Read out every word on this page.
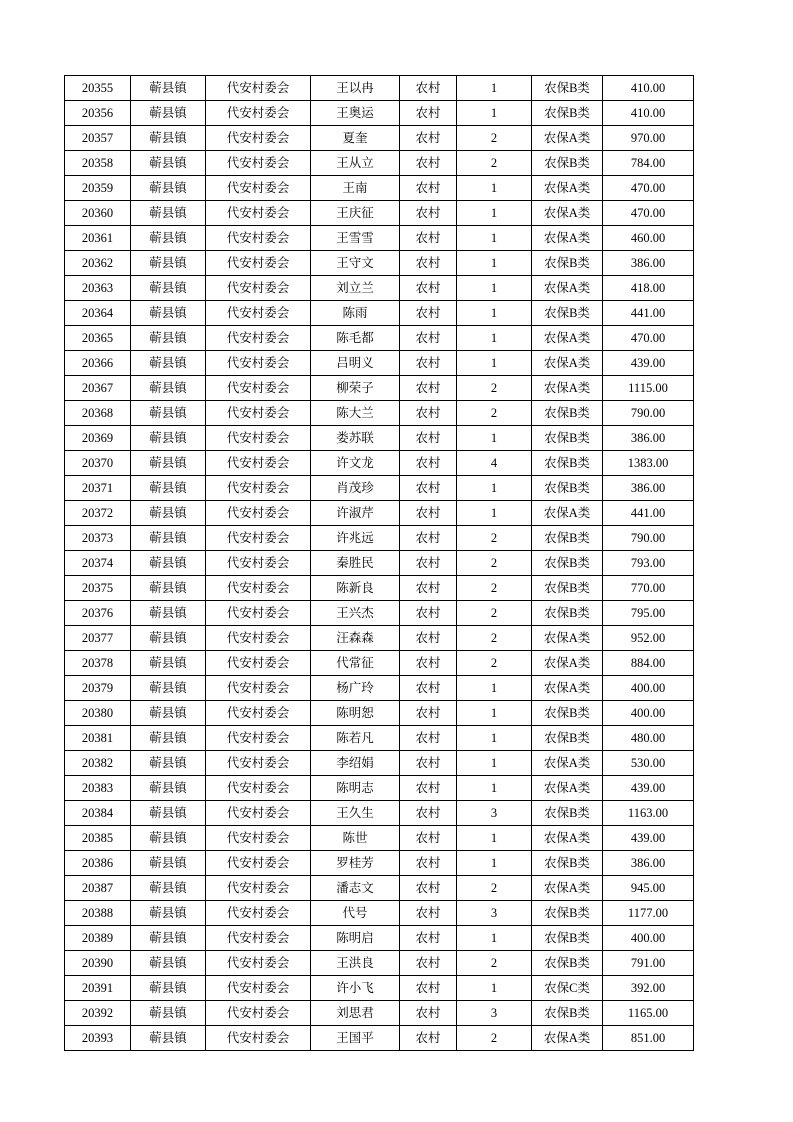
20355	蕲县镇	代安村委会	王以冉	农村	1	农保B类	410.00
20356	蕲县镇	代安村委会	王奥运	农村	1	农保B类	410.00
20357	蕲县镇	代安村委会	夏奎	农村	2	农保A类	970.00
20358	蕲县镇	代安村委会	王从立	农村	2	农保B类	784.00
20359	蕲县镇	代安村委会	王南	农村	1	农保A类	470.00
20360	蕲县镇	代安村委会	王庆征	农村	1	农保A类	470.00
20361	蕲县镇	代安村委会	王雪雪	农村	1	农保A类	460.00
20362	蕲县镇	代安村委会	王守文	农村	1	农保B类	386.00
20363	蕲县镇	代安村委会	刘立兰	农村	1	农保A类	418.00
20364	蕲县镇	代安村委会	陈雨	农村	1	农保B类	441.00
20365	蕲县镇	代安村委会	陈毛都	农村	1	农保A类	470.00
20366	蕲县镇	代安村委会	吕明义	农村	1	农保A类	439.00
20367	蕲县镇	代安村委会	柳荣子	农村	2	农保A类	1115.00
20368	蕲县镇	代安村委会	陈大兰	农村	2	农保B类	790.00
20369	蕲县镇	代安村委会	娄苏联	农村	1	农保B类	386.00
20370	蕲县镇	代安村委会	许文龙	农村	4	农保B类	1383.00
20371	蕲县镇	代安村委会	肖茂珍	农村	1	农保B类	386.00
20372	蕲县镇	代安村委会	许淑芹	农村	1	农保A类	441.00
20373	蕲县镇	代安村委会	许兆远	农村	2	农保B类	790.00
20374	蕲县镇	代安村委会	秦胜民	农村	2	农保B类	793.00
20375	蕲县镇	代安村委会	陈新良	农村	2	农保B类	770.00
20376	蕲县镇	代安村委会	王兴杰	农村	2	农保B类	795.00
20377	蕲县镇	代安村委会	汪森森	农村	2	农保A类	952.00
20378	蕲县镇	代安村委会	代常征	农村	2	农保A类	884.00
20379	蕲县镇	代安村委会	杨广玲	农村	1	农保A类	400.00
20380	蕲县镇	代安村委会	陈明恕	农村	1	农保B类	400.00
20381	蕲县镇	代安村委会	陈若凡	农村	1	农保B类	480.00
20382	蕲县镇	代安村委会	李绍娟	农村	1	农保A类	530.00
20383	蕲县镇	代安村委会	陈明志	农村	1	农保A类	439.00
20384	蕲县镇	代安村委会	王久生	农村	3	农保B类	1163.00
20385	蕲县镇	代安村委会	陈世	农村	1	农保A类	439.00
20386	蕲县镇	代安村委会	罗桂芳	农村	1	农保B类	386.00
20387	蕲县镇	代安村委会	潘志文	农村	2	农保A类	945.00
20388	蕲县镇	代安村委会	代号	农村	3	农保B类	1177.00
20389	蕲县镇	代安村委会	陈明启	农村	1	农保B类	400.00
20390	蕲县镇	代安村委会	王洪良	农村	2	农保B类	791.00
20391	蕲县镇	代安村委会	许小飞	农村	1	农保C类	392.00
20392	蕲县镇	代安村委会	刘思君	农村	3	农保B类	1165.00
20393	蕲县镇	代安村委会	王国平	农村	2	农保A类	851.00
